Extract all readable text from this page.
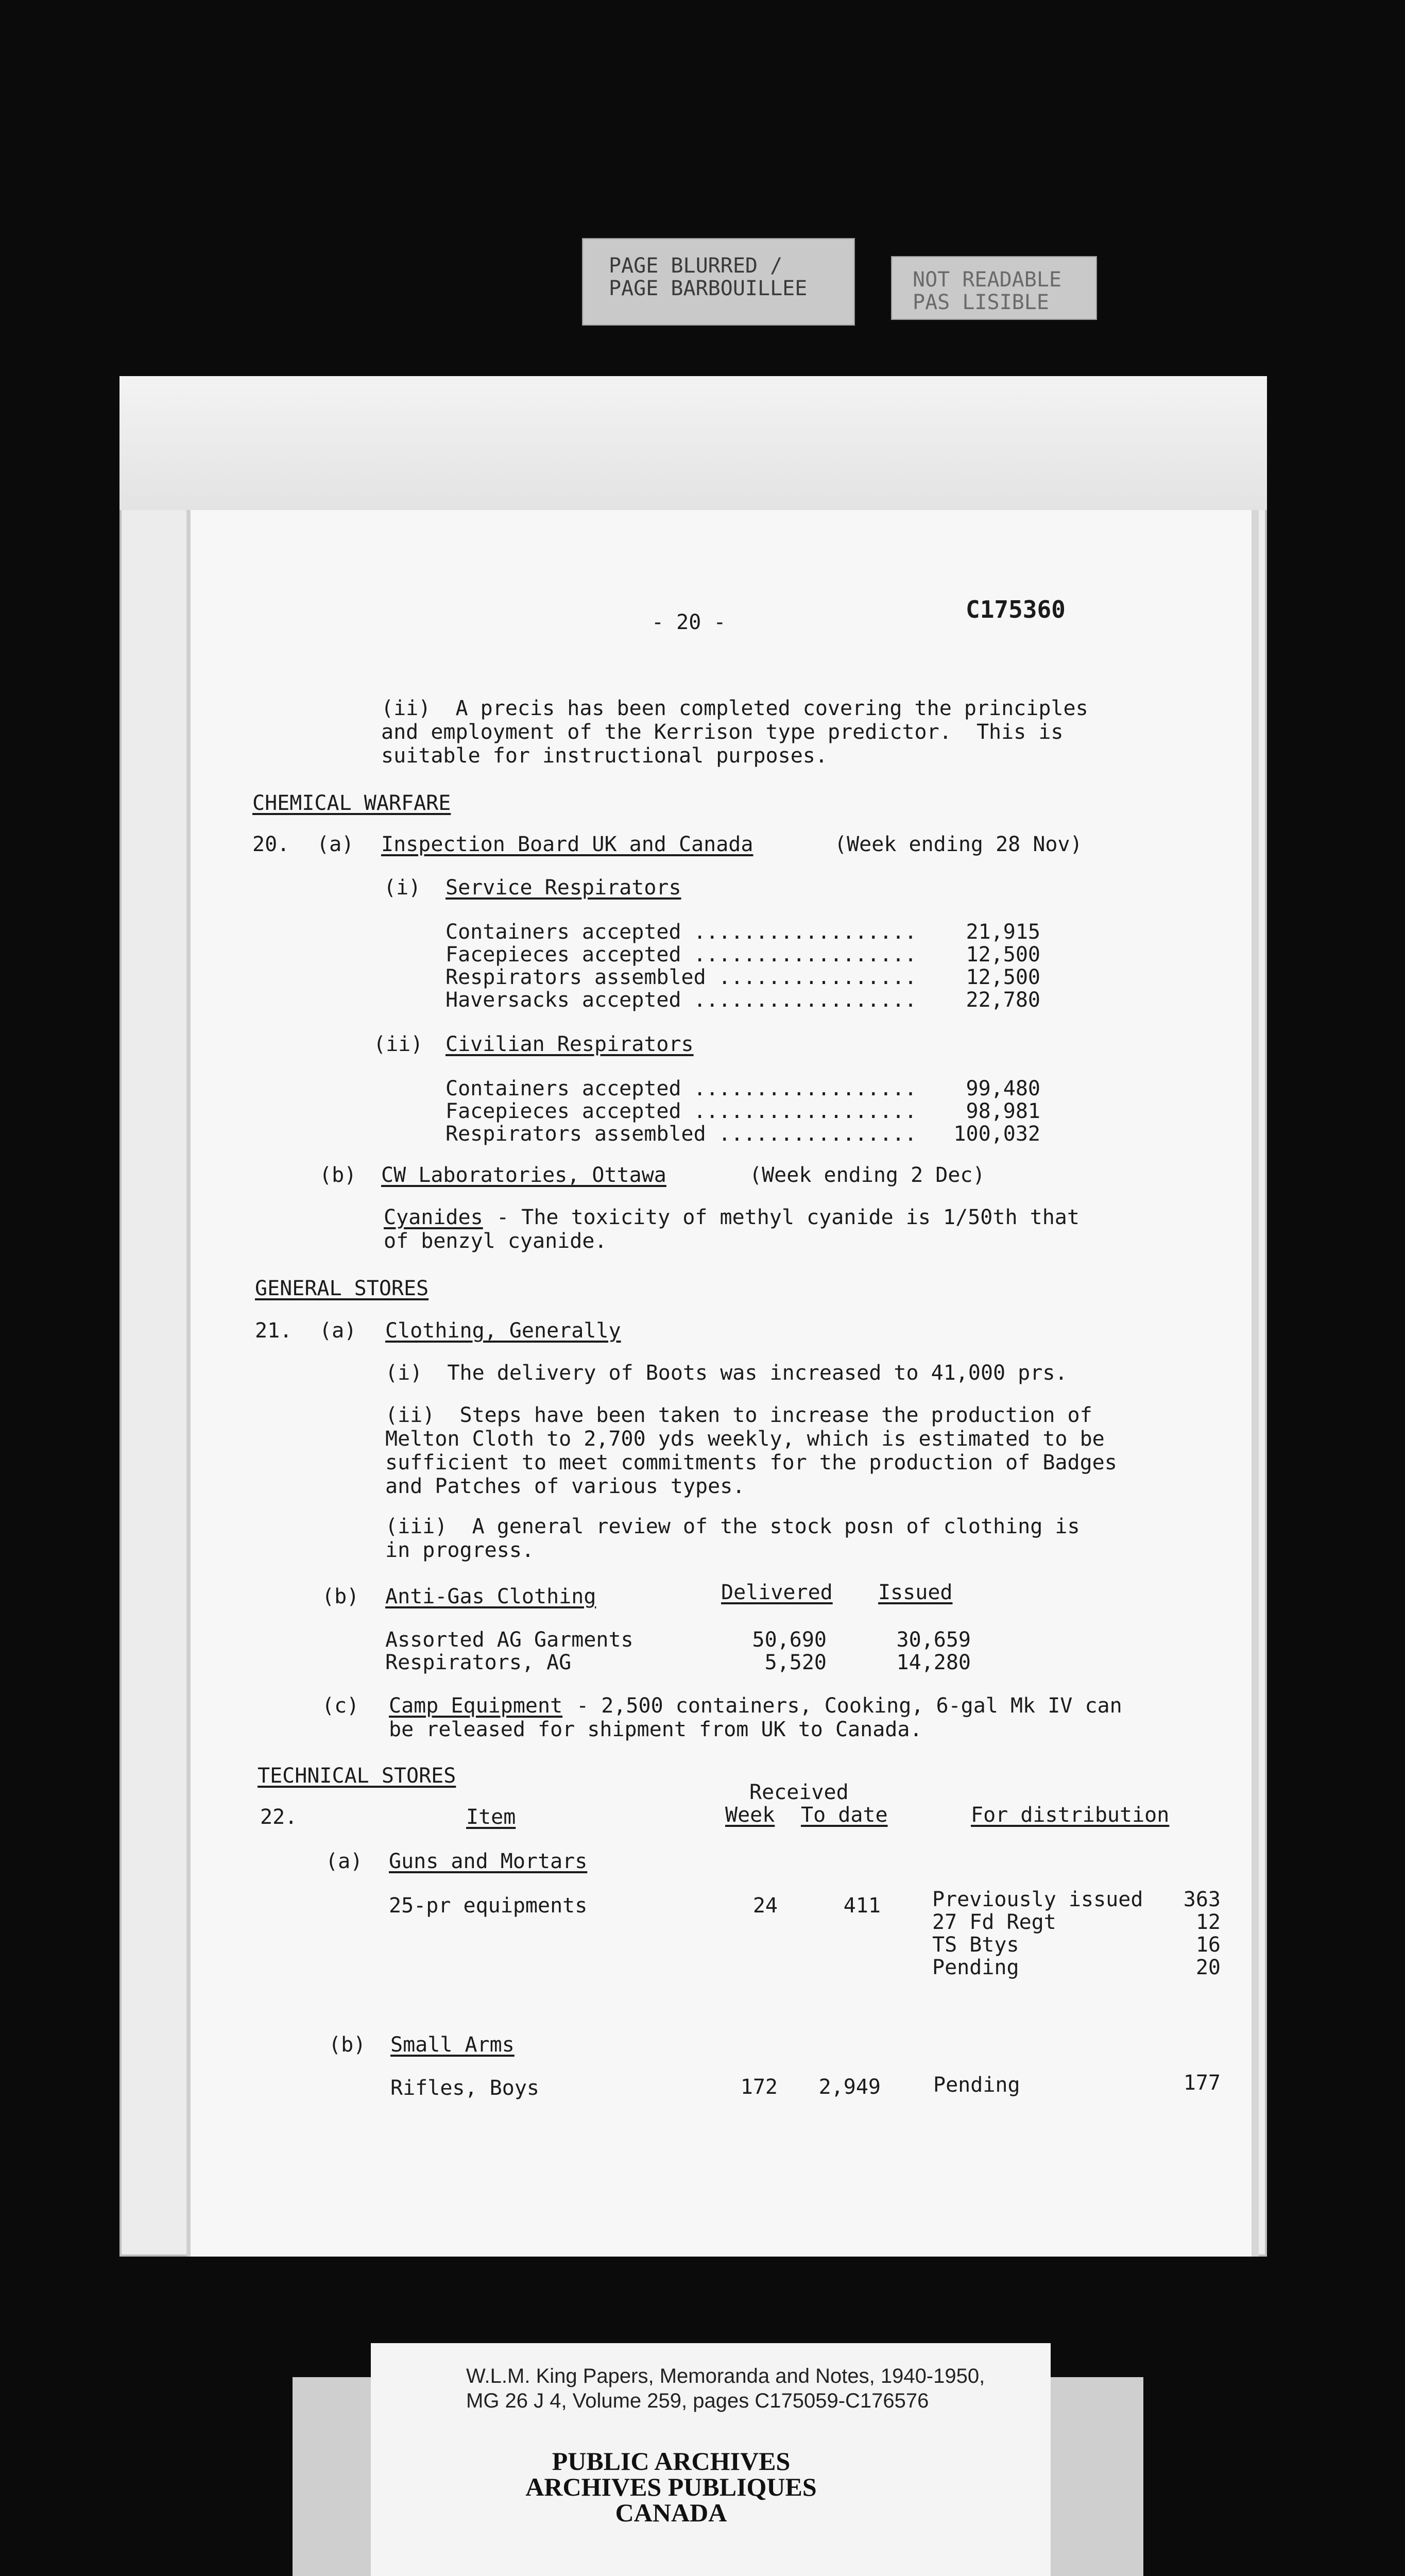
PAGE BLURRED /
PAGE BARBOUILLEE	NOT READABLE
PAS LISIBLE
- 20 -	C175360
(ii)  A precis has been completed covering the principles
and employment of the Kerrison type predictor.  This is
suitable for instructional purposes.
CHEMICAL WARFARE
20. (a) Inspection Board UK and Canada	(Week ending 28 Nov)
(i) Service Respirators
Containers accepted ..................	21,915
Facepieces accepted ..................	12,500
Respirators assembled ................	12,500
Haversacks accepted ..................	22,780
(ii) Civilian Respirators
Containers accepted ..................	99,480
Facepieces accepted ..................	98,981
Respirators assembled ................	100,032
(b) CW Laboratories, Ottawa	(Week ending 2 Dec)
Cyanides - The toxicity of methyl cyanide is 1/50th that
of benzyl cyanide.
GENERAL STORES
21. (a) Clothing, Generally
(i)  The delivery of Boots was increased to 41,000 prs.
(ii)  Steps have been taken to increase the production of
Melton Cloth to 2,700 yds weekly, which is estimated to be
sufficient to meet commitments for the production of Badges
and Patches of various types.
(iii)  A general review of the stock posn of clothing is
in progress.
(b) Anti-Gas Clothing	Delivered Issued
Assorted AG Garments	50,690	30,659
Respirators, AG	5,520	14,280
(c) Camp Equipment - 2,500 containers, Cooking, 6-gal Mk IV can
be released for shipment from UK to Canada.
TECHNICAL STORES
Received
22.	Item	Week To date	For distribution
(a) Guns and Mortars
25-pr equipments	24	411	Previously issued	363
27 Fd Regt	12
TS Btys	16
Pending	20
(b) Small Arms
Rifles, Boys	172	2,949	Pending	177
W.L.M. King Papers, Memoranda and Notes, 1940-1950,
MG 26 J 4, Volume 259, pages C175059-C176576
PUBLIC ARCHIVES
ARCHIVES PUBLIQUES
CANADA
